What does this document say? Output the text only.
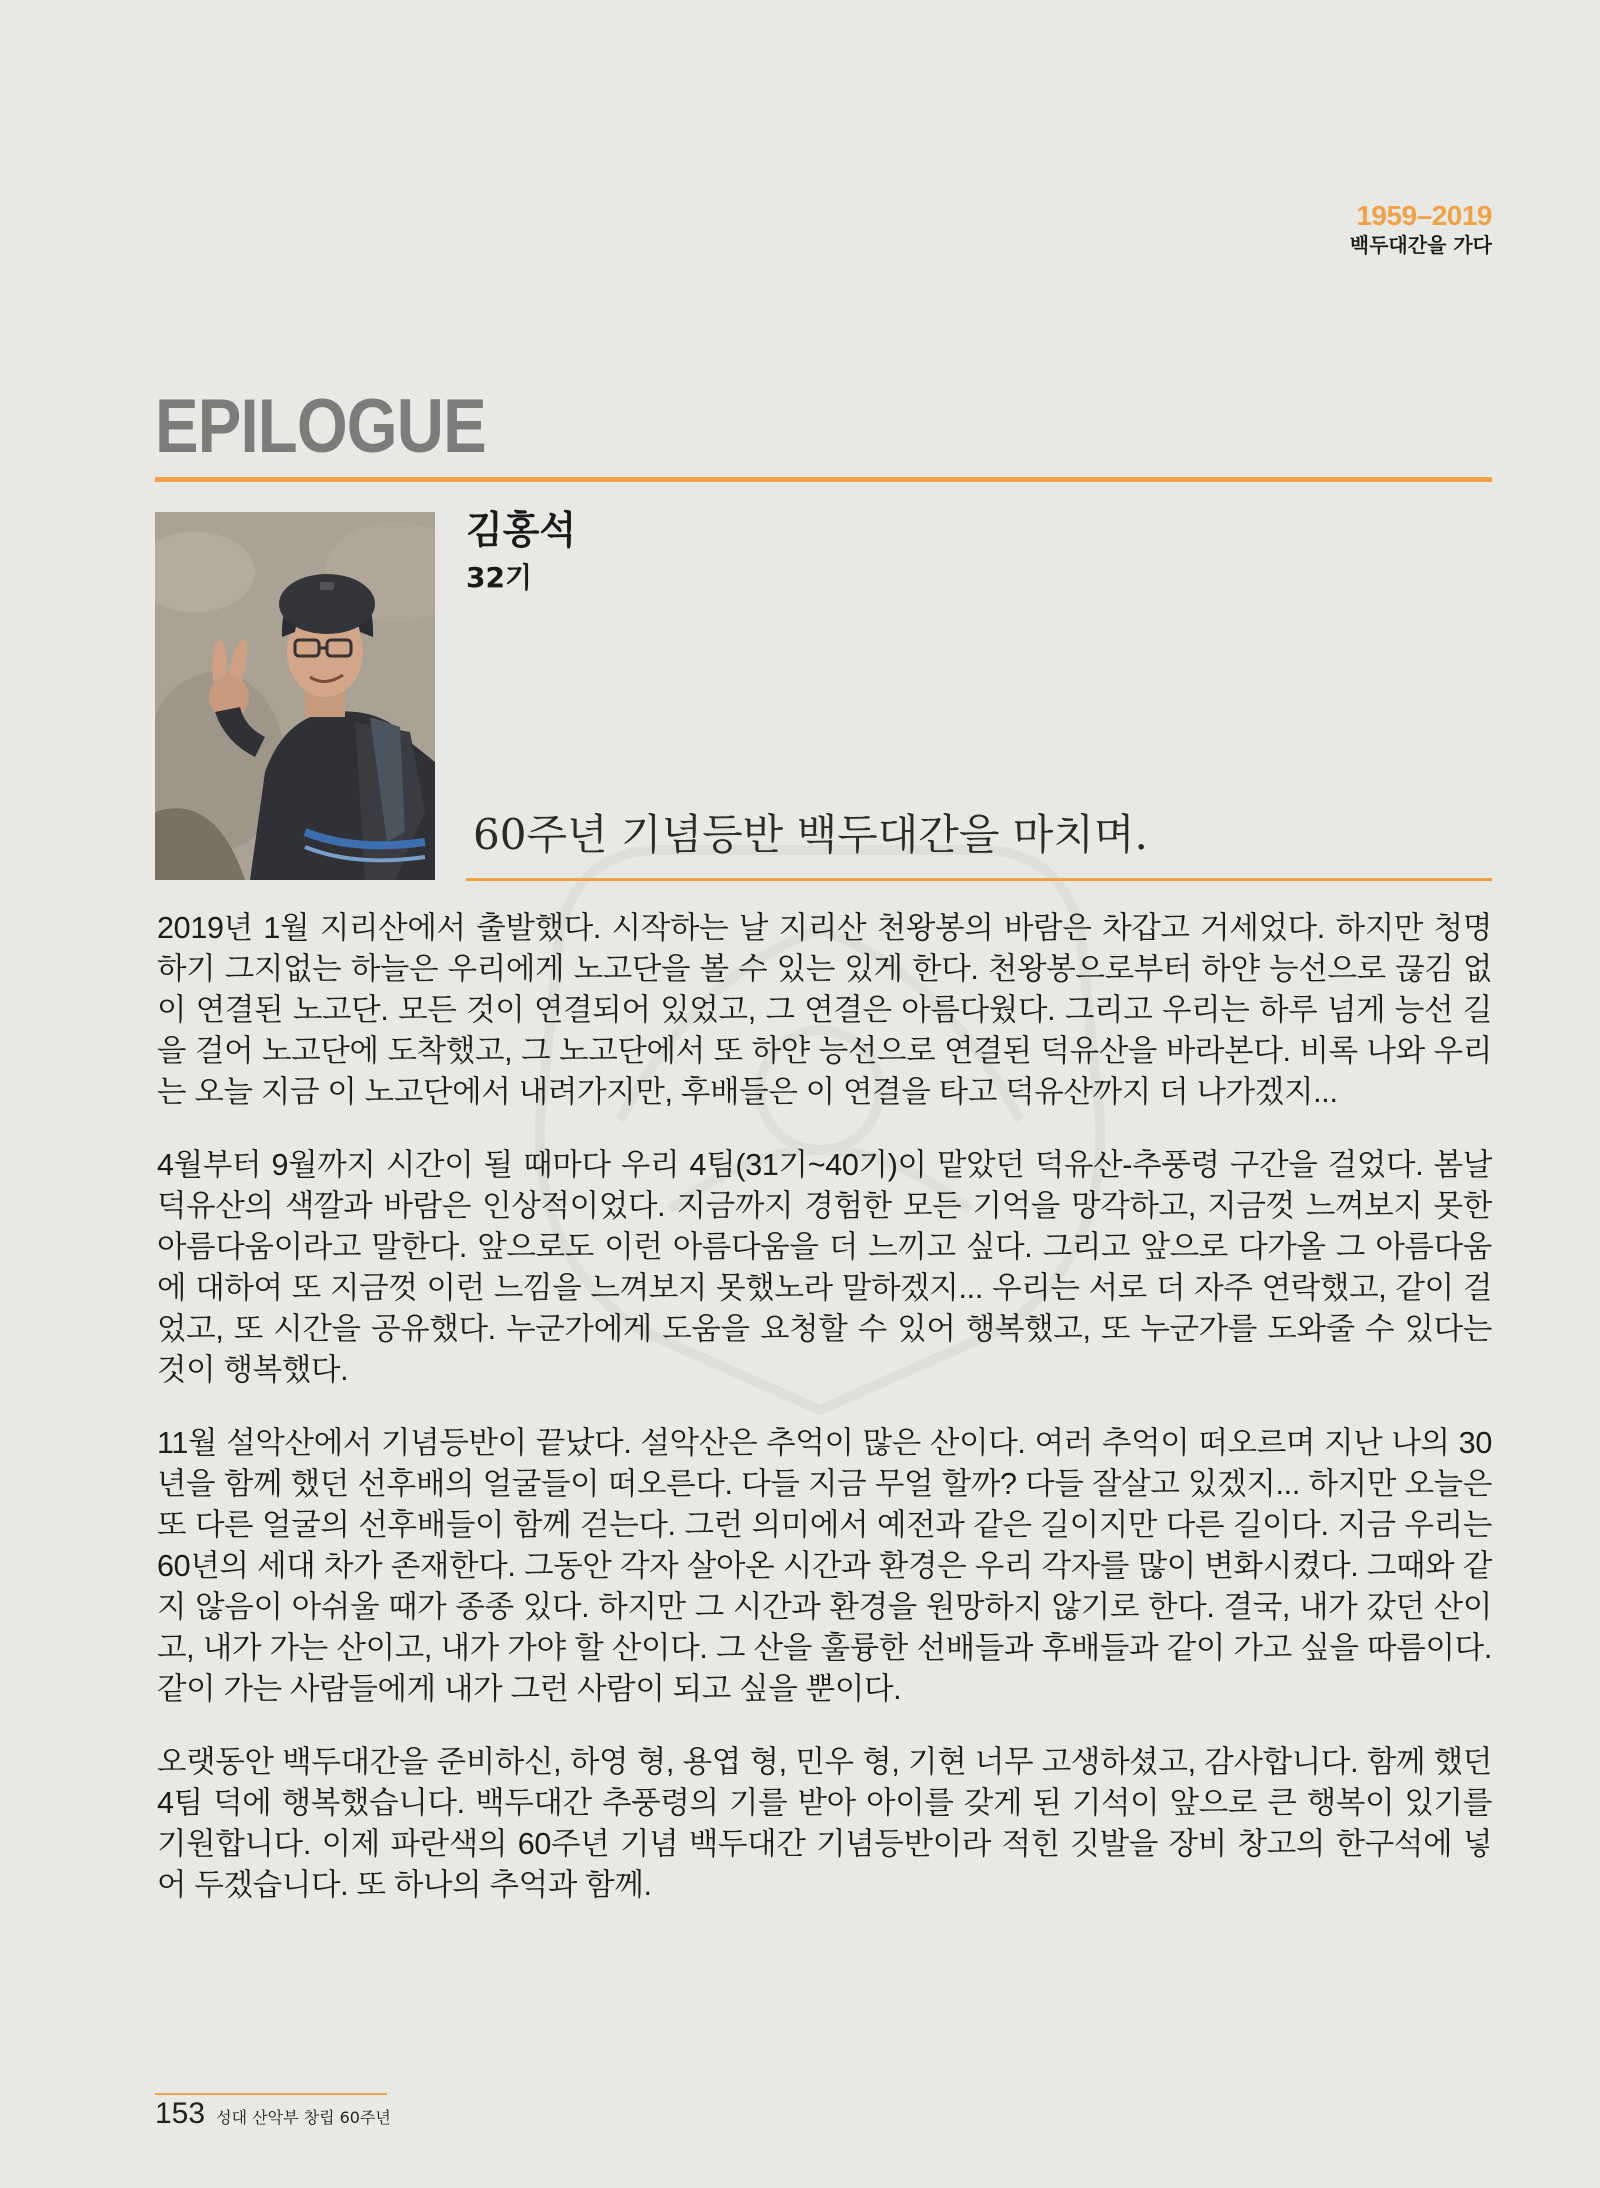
1959–2019
백두대간을 가다
EPILOGUE
김홍석
32기
60주년 기념등반 백두대간을 마치며.

2019년 1월 지리산에서 출발했다. 시작하는 날 지리산 천왕봉의 바람은 차갑고 거세었다. 하지만 청명하기 그지없는 하늘은 우리에게 노고단을 볼 수 있는 있게 한다. 천왕봉으로부터 하얀 능선으로 끊김 없이 연결된 노고단. 모든 것이 연결되어 있었고, 그 연결은 아름다웠다. 그리고 우리는 하루 넘게 능선 길을 걸어 노고단에 도착했고, 그 노고단에서 또 하얀 능선으로 연결된 덕유산을 바라본다. 비록 나와 우리는 오늘 지금 이 노고단에서 내려가지만, 후배들은 이 연결을 타고 덕유산까지 더 나가겠지...

4월부터 9월까지 시간이 될 때마다 우리 4팀(31기~40기)이 맡았던 덕유산-추풍령 구간을 걸었다. 봄날 덕유산의 색깔과 바람은 인상적이었다. 지금까지 경험한 모든 기억을 망각하고, 지금껏 느껴보지 못한 아름다움이라고 말한다. 앞으로도 이런 아름다움을 더 느끼고 싶다. 그리고 앞으로 다가올 그 아름다움에 대하여 또 지금껏 이런 느낌을 느껴보지 못했노라 말하겠지... 우리는 서로 더 자주 연락했고, 같이 걸었고, 또 시간을 공유했다. 누군가에게 도움을 요청할 수 있어 행복했고, 또 누군가를 도와줄 수 있다는 것이 행복했다.

11월 설악산에서 기념등반이 끝났다. 설악산은 추억이 많은 산이다. 여러 추억이 떠오르며 지난 나의 30년을 함께 했던 선후배의 얼굴들이 떠오른다. 다들 지금 무얼 할까? 다들 잘살고 있겠지... 하지만 오늘은 또 다른 얼굴의 선후배들이 함께 걷는다. 그런 의미에서 예전과 같은 길이지만 다른 길이다. 지금 우리는 60년의 세대 차가 존재한다. 그동안 각자 살아온 시간과 환경은 우리 각자를 많이 변화시켰다. 그때와 같지 않음이 아쉬울 때가 종종 있다. 하지만 그 시간과 환경을 원망하지 않기로 한다. 결국, 내가 갔던 산이고, 내가 가는 산이고, 내가 가야 할 산이다. 그 산을 훌륭한 선배들과 후배들과 같이 가고 싶을 따름이다. 같이 가는 사람들에게 내가 그런 사람이 되고 싶을 뿐이다.

오랫동안 백두대간을 준비하신, 하영 형, 용엽 형, 민우 형, 기현 너무 고생하셨고, 감사합니다. 함께 했던 4팀 덕에 행복했습니다. 백두대간 추풍령의 기를 받아 아이를 갖게 된 기석이 앞으로 큰 행복이 있기를 기원합니다. 이제 파란색의 60주년 기념 백두대간 기념등반이라 적힌 깃발을 장비 창고의 한구석에 넣어 두겠습니다. 또 하나의 추억과 함께.

153 성대 산악부 창립 60주년
